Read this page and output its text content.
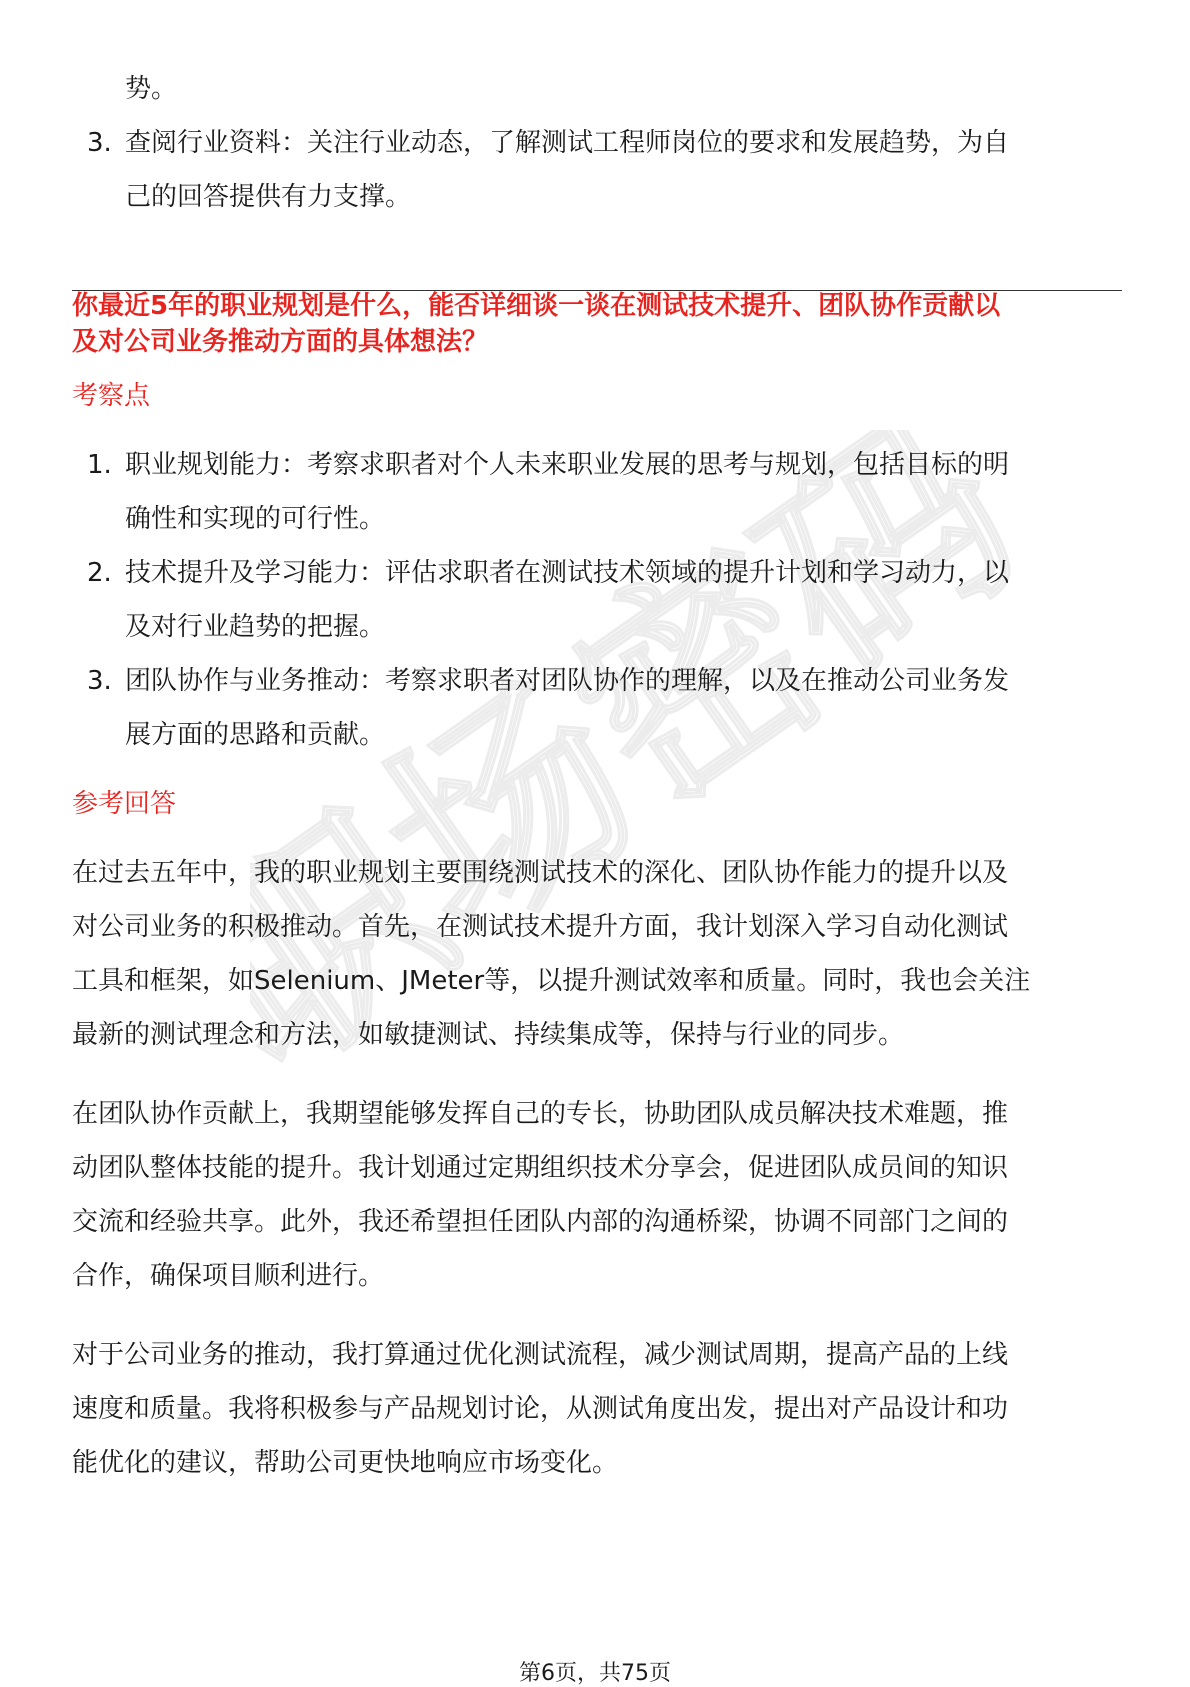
职场密码
势。
3. 查阅行业资料：关注行业动态，了解测试工程师岗位的要求和发展趋势，为自
己的回答提供有力支撑。
你最近5年的职业规划是什么，能否详细谈一谈在测试技术提升、团队协作贡献以
及对公司业务推动方面的具体想法？
考察点
1. 职业规划能力：考察求职者对个人未来职业发展的思考与规划，包括目标的明
确性和实现的可行性。
2. 技术提升及学习能力：评估求职者在测试技术领域的提升计划和学习动力，以
及对行业趋势的把握。
3. 团队协作与业务推动：考察求职者对团队协作的理解，以及在推动公司业务发
展方面的思路和贡献。
参考回答
在过去五年中，我的职业规划主要围绕测试技术的深化、团队协作能力的提升以及
对公司业务的积极推动。首先，在测试技术提升方面，我计划深入学习自动化测试
工具和框架，如Selenium、JMeter等，以提升测试效率和质量。同时，我也会关注
最新的测试理念和方法，如敏捷测试、持续集成等，保持与行业的同步。
在团队协作贡献上，我期望能够发挥自己的专长，协助团队成员解决技术难题，推
动团队整体技能的提升。我计划通过定期组织技术分享会，促进团队成员间的知识
交流和经验共享。此外，我还希望担任团队内部的沟通桥梁，协调不同部门之间的
合作，确保项目顺利进行。
对于公司业务的推动，我打算通过优化测试流程，减少测试周期，提高产品的上线
速度和质量。我将积极参与产品规划讨论，从测试角度出发，提出对产品设计和功
能优化的建议，帮助公司更快地响应市场变化。
第6页，共75页
